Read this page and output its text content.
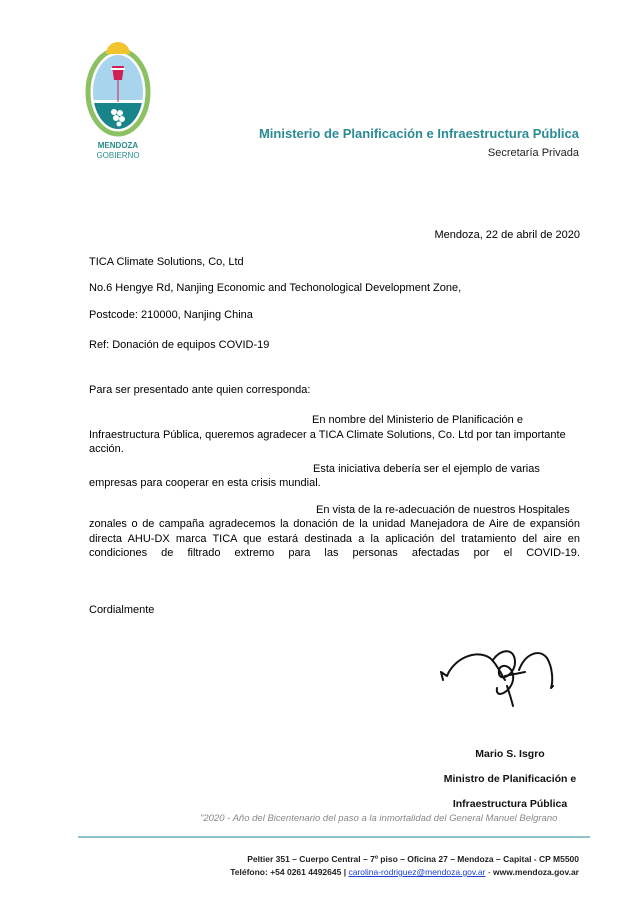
MENDOZA
GOBIERNO
Ministerio de Planificación e Infraestructura Pública
Secretaría Privada
Mendoza, 22 de abril de 2020
TICA Climate Solutions, Co, Ltd
No.6 Hengye Rd, Nanjing Economic and Techonological Development Zone,
Postcode: 210000, Nanjing China
Ref: Donación de equipos COVID-19
Para ser presentado ante quien corresponda:
En nombre del Ministerio de Planificación e
Infraestructura Pública, queremos agradecer a TICA Climate Solutions, Co. Ltd por tan importante
acción.
Esta iniciativa debería ser el ejemplo de varias
empresas para cooperar en esta crisis mundial.
En vista de la re-adecuación de nuestros Hospitales
zonales o de campaña agradecemos la donación de la unidad Manejadora de Aire de expansión
directa AHU-DX marca TICA que estará destinada a la aplicación del tratamiento del aire en
condiciones de filtrado extremo para las personas afectadas por el COVID-19.
Cordialmente
Mario S. Isgro
Ministro de Planificación e
Infraestructura Pública
"2020 - Año del Bicentenario del paso a la inmortalidad del General Manuel Belgrano
Peltier 351 – Cuerpo Central – 7º piso – Oficina 27 – Mendoza – Capital - CP M5500
Teléfono: +54 0261 4492645 | carolina-rodriguez@mendoza.gov.ar - www.mendoza.gov.ar
